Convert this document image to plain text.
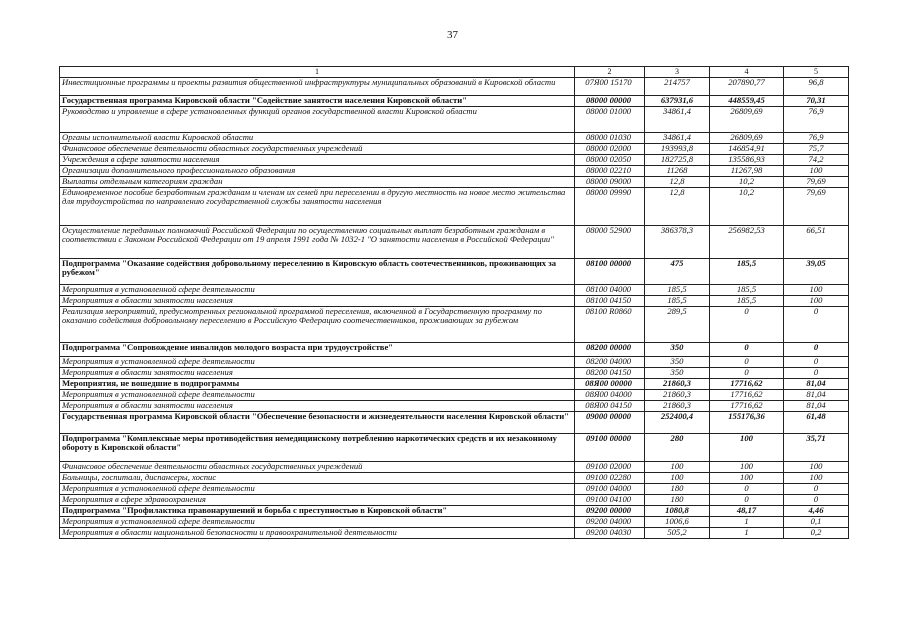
37
1	2	3	4	5
Инвестиционные программы и проекты развития общественной инфраструктуры муниципальных образований в Кировской области	07Я00 15170	214757	207890,77	96,8
Государственная программа Кировской области "Содействие занятости населения Кировской области"	08000 00000	637931,6	448559,45	70,31
Руководство и управление в сфере установленных функций органов государственной власти Кировской области	08000 01000	34861,4	26809,69	76,9
Органы исполнительной власти Кировской области	08000 01030	34861,4	26809,69	76,9
Финансовое обеспечение деятельности областных государственных учреждений	08000 02000	193993,8	146854,91	75,7
Учреждения в сфере занятости населения	08000 02050	182725,8	135586,93	74,2
Организации дополнительного профессионального образования	08000 02210	11268	11267,98	100
Выплаты отдельным категориям граждан	08000 09000	12,8	10,2	79,69
Единовременное пособие безработным гражданам и членам их семей при переселении в другую местность на новое место жительства для трудоустройства по направлению государственной службы занятости населения	08000 09990	12,8	10,2	79,69
Осуществление переданных полномочий Российской Федерации по осуществлению социальных выплат безработным гражданам в соответствии с Законом Российской Федерации от 19 апреля 1991 года № 1032-1 "О занятости населения в Российской Федерации"	08000 52900	386378,3	256982,53	66,51
Подпрограмма "Оказание содействия добровольному переселению в Кировскую область соотечественников, проживающих за рубежом"	08100 00000	475	185,5	39,05
Мероприятия в установленной сфере деятельности	08100 04000	185,5	185,5	100
Мероприятия в области занятости населения	08100 04150	185,5	185,5	100
Реализация мероприятий, предусмотренных региональной программой переселения, включенной в Государственную программу по оказанию содействия добровольному переселению в Российскую Федерацию соотечественников, проживающих за рубежом	08100 R0860	289,5	0	0
Подпрограмма "Сопровождение инвалидов молодого возраста при трудоустройстве"	08200 00000	350	0	0
Мероприятия в установленной сфере деятельности	08200 04000	350	0	0
Мероприятия в области занятости населения	08200 04150	350	0	0
Мероприятия, не вошедшие в подпрограммы	08Я00 00000	21860,3	17716,62	81,04
Мероприятия в установленной сфере деятельности	08Я00 04000	21860,3	17716,62	81,04
Мероприятия в области занятости населения	08Я00 04150	21860,3	17716,62	81,04
Государственная программа Кировской области "Обеспечение безопасности и жизнедеятельности населения Кировской области"	09000 00000	252400,4	155176,36	61,48
Подпрограмма "Комплексные меры противодействия немедицинскому потреблению наркотических средств и их незаконному обороту в Кировской области"	09100 00000	280	100	35,71
Финансовое обеспечение деятельности областных государственных учреждений	09100 02000	100	100	100
Больницы, госпитали, диспансеры, хоспис	09100 02280	100	100	100
Мероприятия в установленной сфере деятельности	09100 04000	180	0	0
Мероприятия в сфере здравоохранения	09100 04100	180	0	0
Подпрограмма "Профилактика правонарушений и борьба с преступностью в Кировской области"	09200 00000	1080,8	48,17	4,46
Мероприятия в установленной сфере деятельности	09200 04000	1006,6	1	0,1
Мероприятия в области национальной безопасности и правоохранительной деятельности	09200 04030	505,2	1	0,2
